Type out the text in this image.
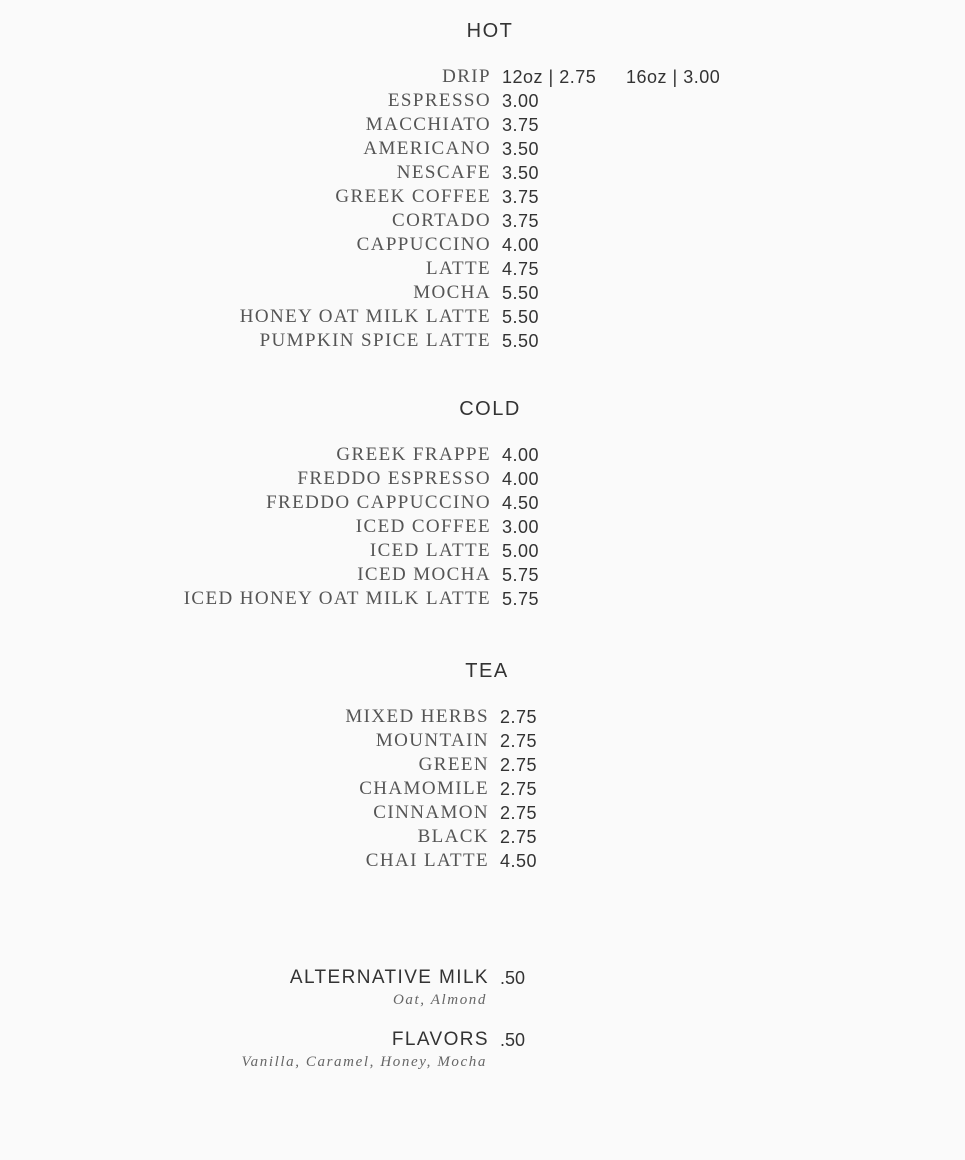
HOT
DRIP 12oz | 2.75 16oz | 3.00
ESPRESSO 3.00
MACCHIATO 3.75
AMERICANO 3.50
NESCAFE 3.50
GREEK COFFEE 3.75
CORTADO 3.75
CAPPUCCINO 4.00
LATTE 4.75
MOCHA 5.50
HONEY OAT MILK LATTE 5.50
PUMPKIN SPICE LATTE 5.50
COLD
GREEK FRAPPE 4.00
FREDDO ESPRESSO 4.00
FREDDO CAPPUCCINO 4.50
ICED COFFEE 3.00
ICED LATTE 5.00
ICED MOCHA 5.75
ICED HONEY OAT MILK LATTE 5.75
TEA
MIXED HERBS 2.75
MOUNTAIN 2.75
GREEN 2.75
CHAMOMILE 2.75
CINNAMON 2.75
BLACK 2.75
CHAI LATTE 4.50
ALTERNATIVE MILK .50
Oat, Almond
FLAVORS .50
Vanilla, Caramel, Honey, Mocha
